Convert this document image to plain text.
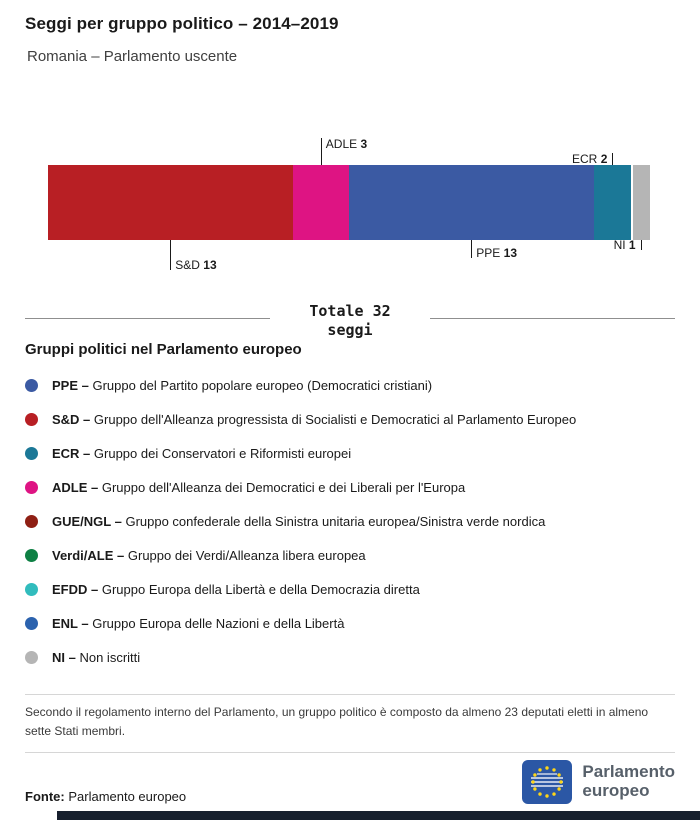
Seggi per gruppo politico – 2014–2019
Romania – Parlamento uscente
S&D 13
ADLE 3
PPE 13
ECR 2
NI 1
Totale 32
seggi
Gruppi politici nel Parlamento europeo
PPE – Gruppo del Partito popolare europeo (Democratici cristiani)
S&D – Gruppo dell'Alleanza progressista di Socialisti e Democratici al Parlamento Europeo
ECR – Gruppo dei Conservatori e Riformisti europei
ADLE – Gruppo dell'Alleanza dei Democratici e dei Liberali per l'Europa
GUE/NGL – Gruppo confederale della Sinistra unitaria europea/Sinistra verde nordica
Verdi/ALE – Gruppo dei Verdi/Alleanza libera europea
EFDD – Gruppo Europa della Libertà e della Democrazia diretta
ENL – Gruppo Europa delle Nazioni e della Libertà
NI – Non iscritti

Secondo il regolamento interno del Parlamento, un gruppo politico è composto da almeno 23 deputati eletti in almeno sette Stati membri.

Fonte: Parlamento europeo
Parlamento
europeo
